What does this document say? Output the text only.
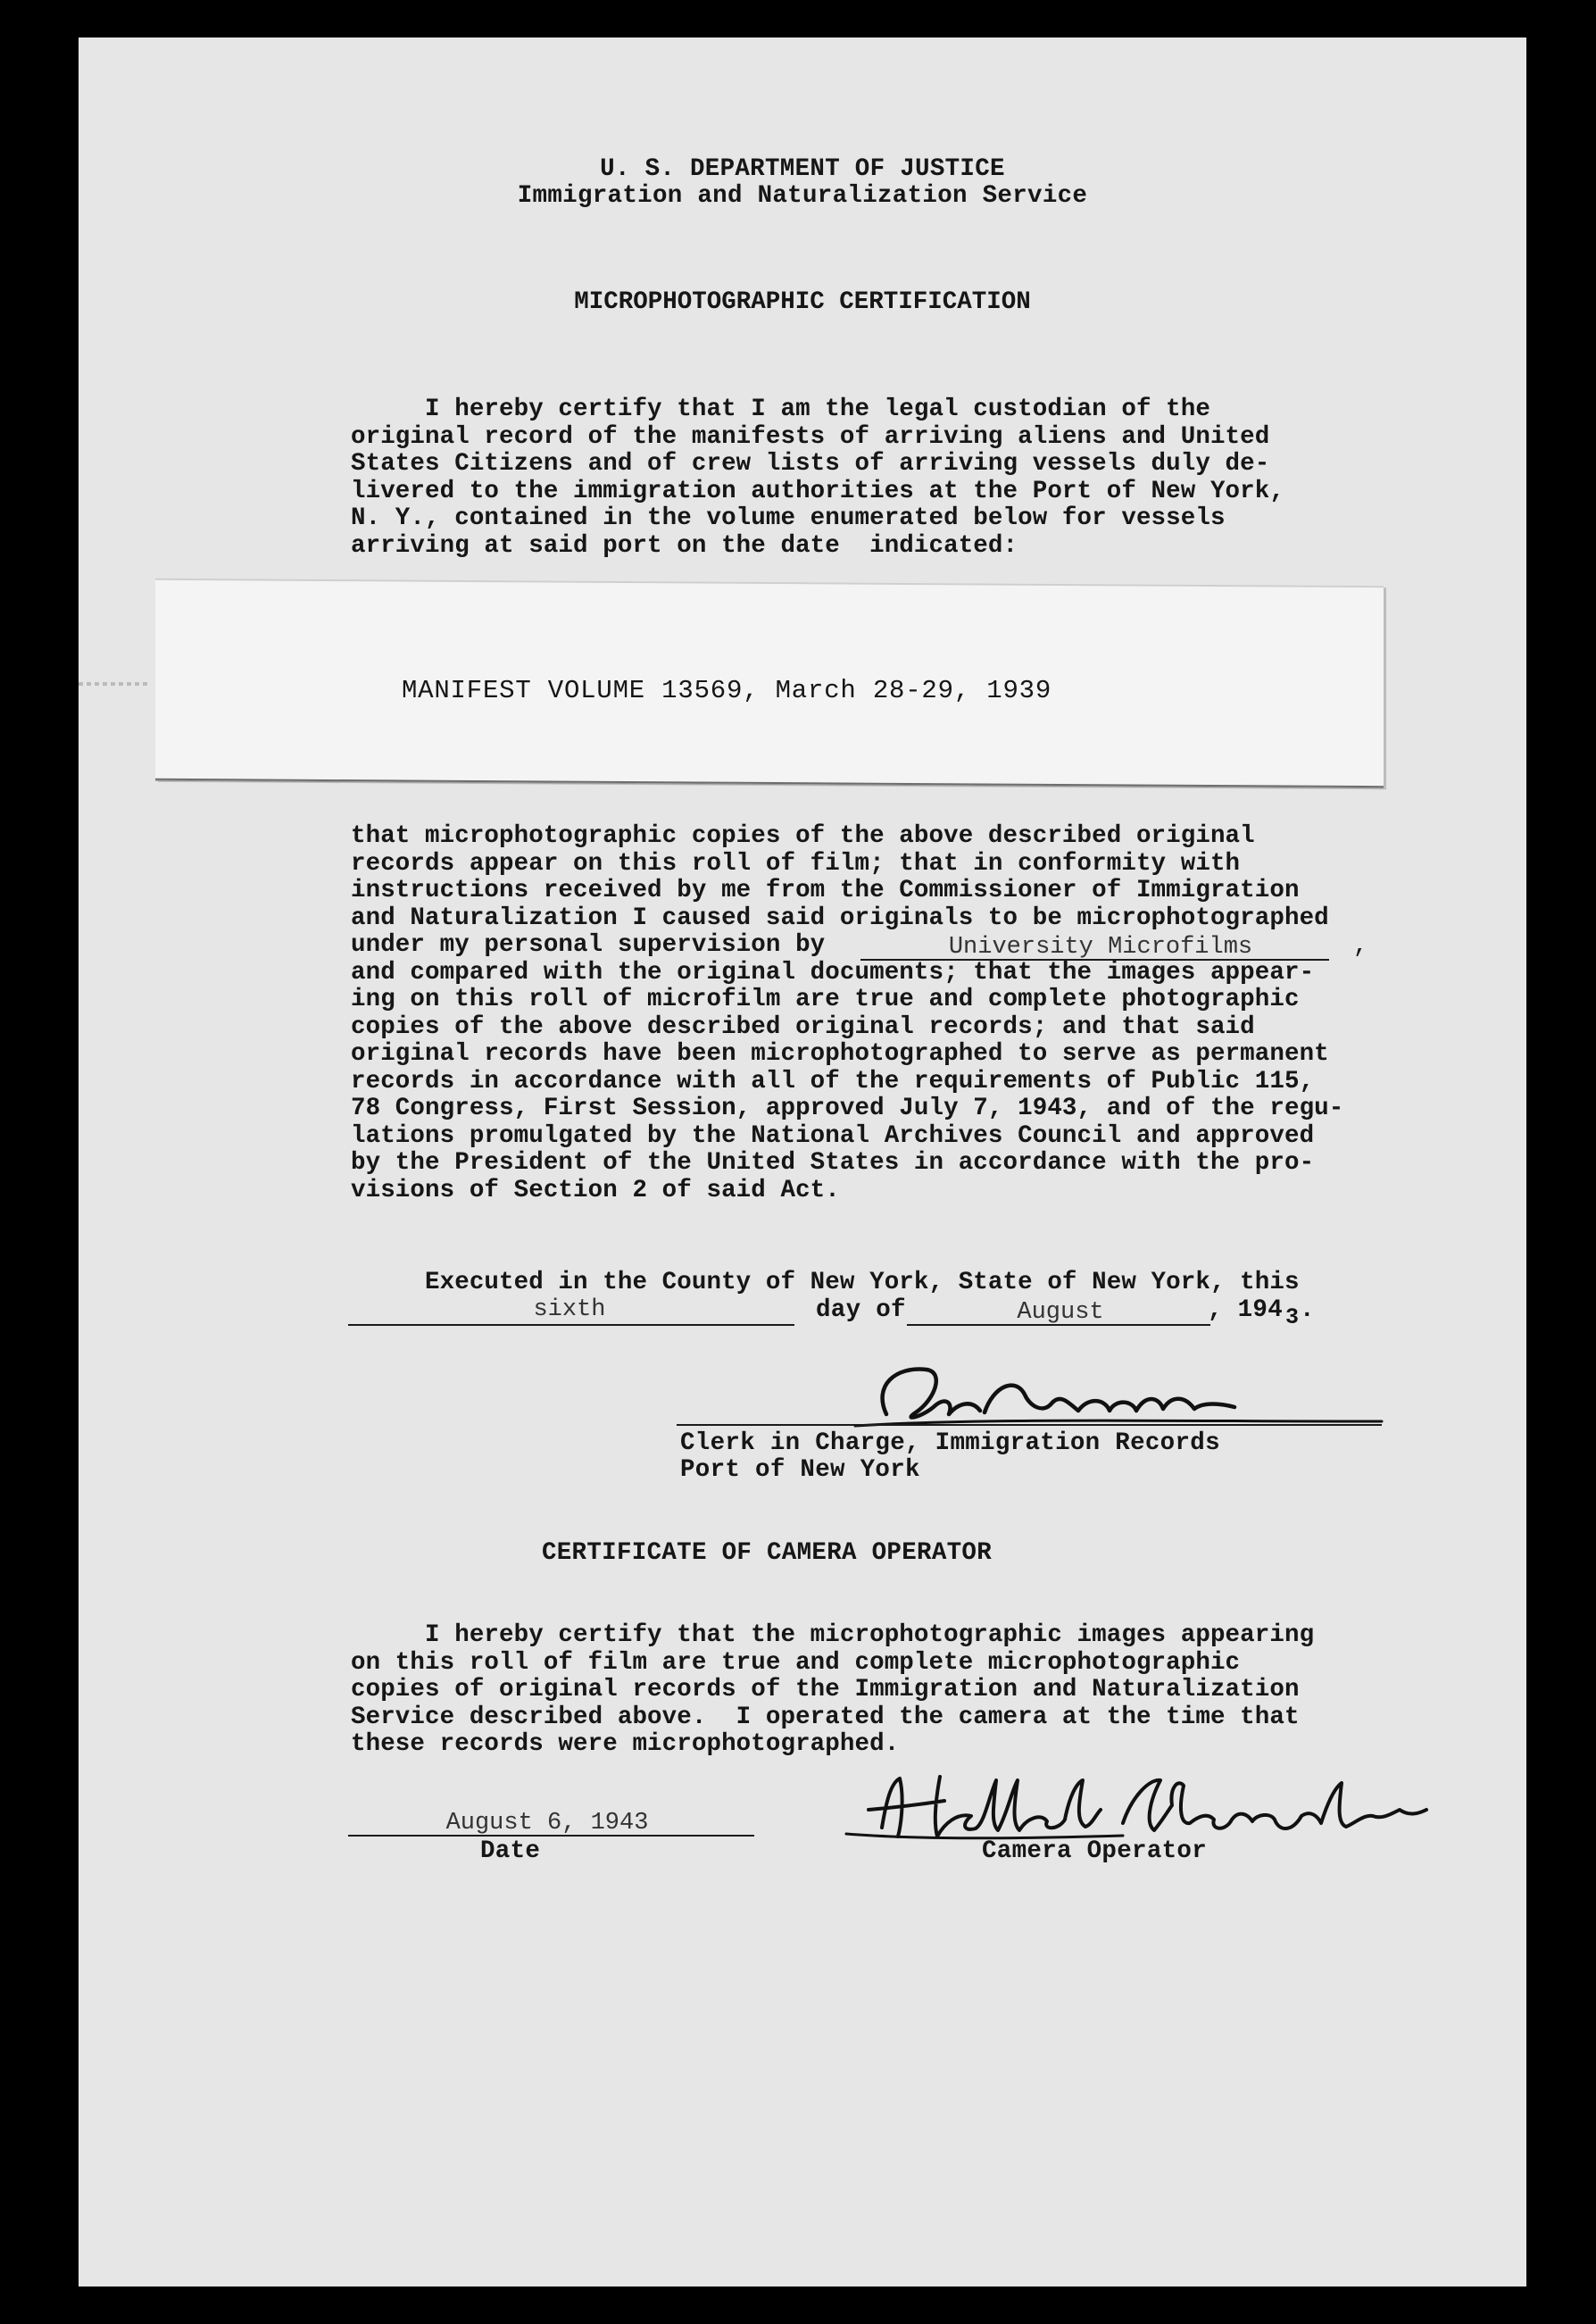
U. S. DEPARTMENT OF JUSTICE
Immigration and Naturalization Service
MICROPHOTOGRAPHIC CERTIFICATION
I hereby certify that I am the legal custodian of the
original record of the manifests of arriving aliens and United
States Citizens and of crew lists of arriving vessels duly de-
livered to the immigration authorities at the Port of New York,
N. Y., contained in the volume enumerated below for vessels
arriving at said port on the date  indicated:
MANIFEST VOLUME 13569, March 28-29, 1939
that microphotographic copies of the above described original
records appear on this roll of film; that in conformity with
instructions received by me from the Commissioner of Immigration
and Naturalization I caused said originals to be microphotographed
under my personal supervision by
and compared with the original documents; that the images appear-
ing on this roll of microfilm are true and complete photographic
copies of the above described original records; and that said
original records have been microphotographed to serve as permanent
records in accordance with all of the requirements of Public 115,
78 Congress, First Session, approved July 7, 1943, and of the regu-
lations promulgated by the National Archives Council and approved
by the President of the United States in accordance with the pro-
visions of Section 2 of said Act.
University Microfilms	,
Executed in the County of New York, State of New York, this
sixth	day of	August	, 194 3 .
Clerk in Charge, Immigration Records
Port of New York
CERTIFICATE OF CAMERA OPERATOR
I hereby certify that the microphotographic images appearing
on this roll of film are true and complete microphotographic
copies of original records of the Immigration and Naturalization
Service described above.  I operated the camera at the time that
these records were microphotographed.
August 6, 1943
Date	Camera Operator
